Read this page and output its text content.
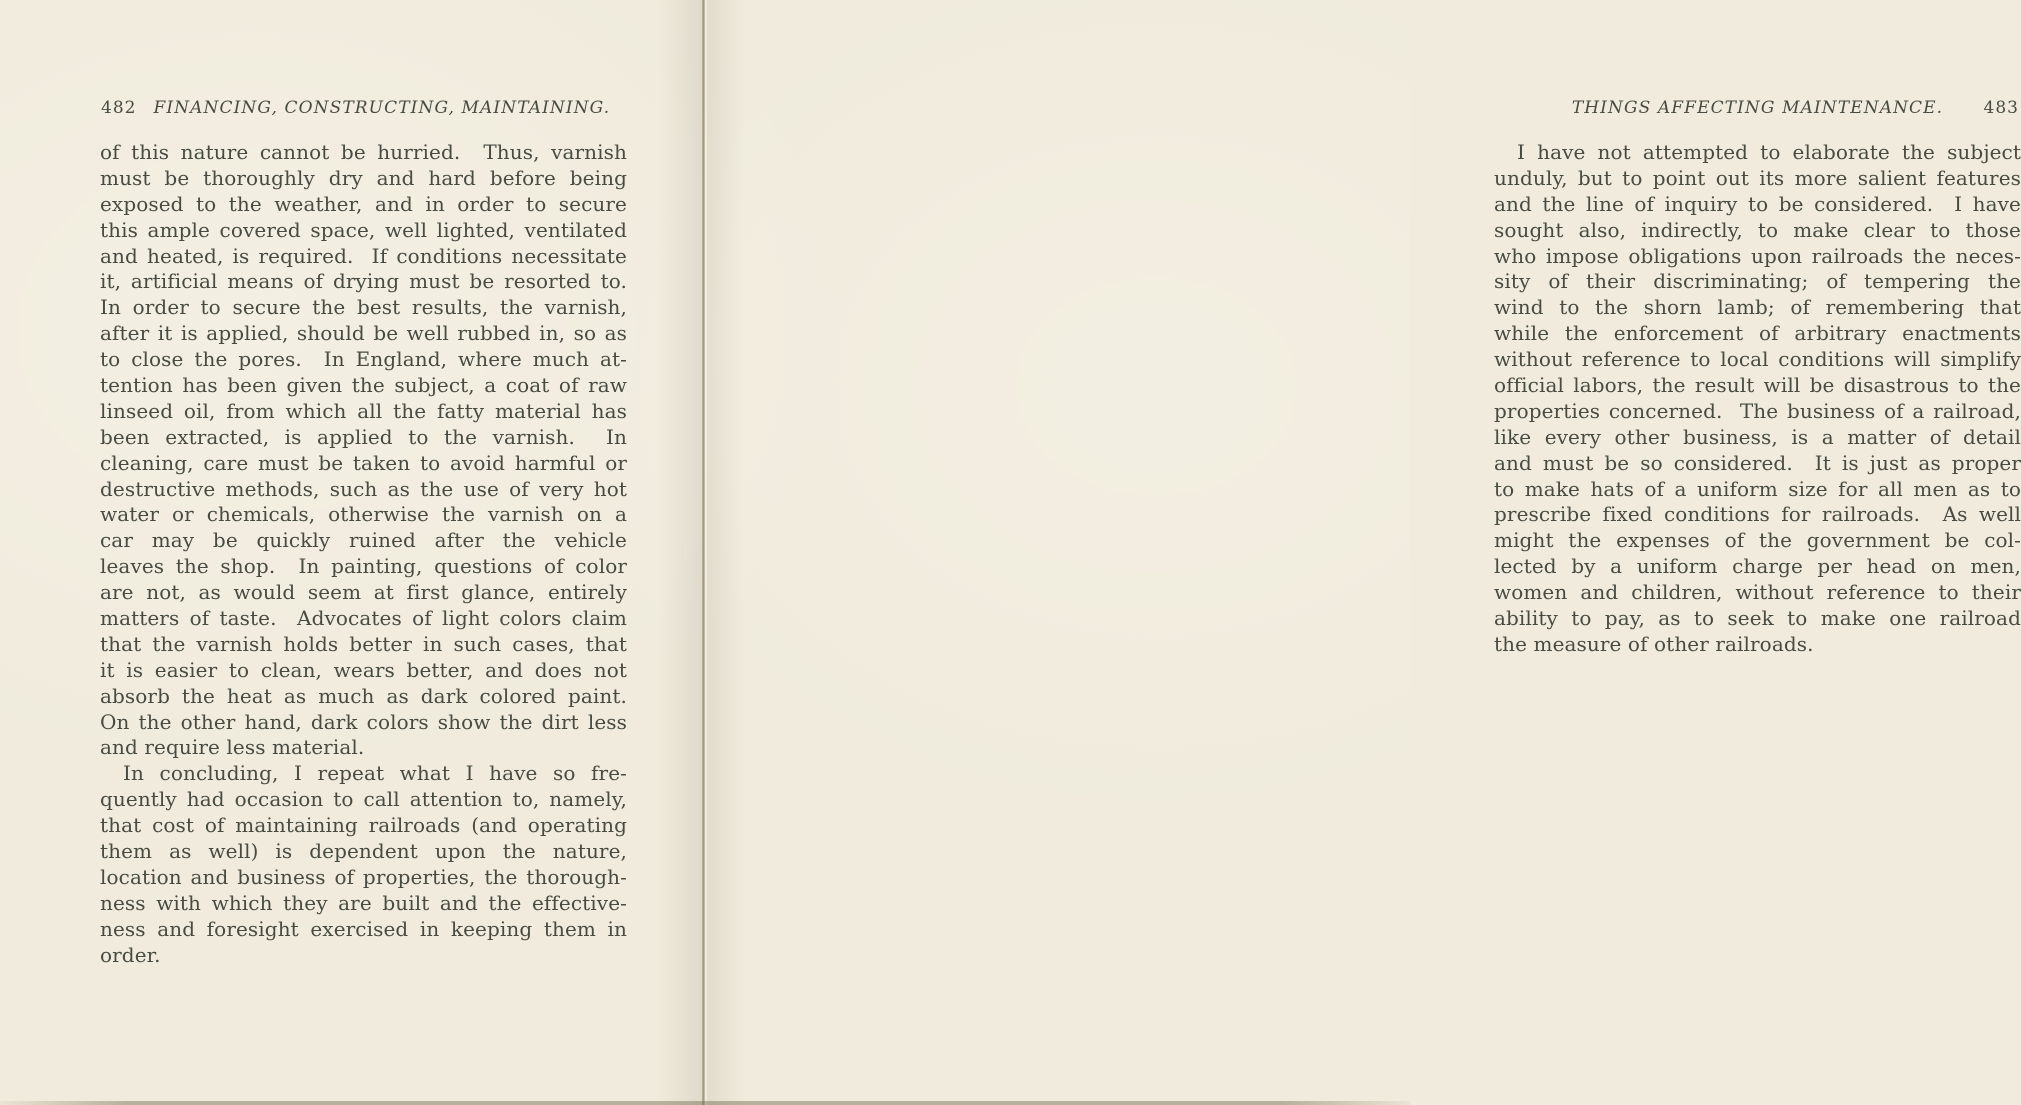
482 FINANCING, CONSTRUCTING, MAINTAINING.
of this nature cannot be hurried.  Thus, varnish
must be thoroughly dry and hard before being
exposed to the weather, and in order to secure
this ample covered space, well lighted, ventilated
and heated, is required.  If conditions necessitate
it, artificial means of drying must be resorted to.
In order to secure the best results, the varnish,
after it is applied, should be well rubbed in, so as
to close the pores.  In England, where much at-
tention has been given the subject, a coat of raw
linseed oil, from which all the fatty material has
been extracted, is applied to the varnish.  In
cleaning, care must be taken to avoid harmful or
destructive methods, such as the use of very hot
water or chemicals, otherwise the varnish on a
car may be quickly ruined after the vehicle
leaves the shop.  In painting, questions of color
are not, as would seem at first glance, entirely
matters of taste.  Advocates of light colors claim
that the varnish holds better in such cases, that
it is easier to clean, wears better, and does not
absorb the heat as much as dark colored paint.
On the other hand, dark colors show the dirt less
and require less material.
In concluding, I repeat what I have so fre-
quently had occasion to call attention to, namely,
that cost of maintaining railroads (and operating
them as well) is dependent upon the nature,
location and business of properties, the thorough-
ness with which they are built and the effective-
ness and foresight exercised in keeping them in
order.
THINGS AFFECTING MAINTENANCE. 483
I have not attempted to elaborate the subject
unduly, but to point out its more salient features
and the line of inquiry to be considered.  I have
sought also, indirectly, to make clear to those
who impose obligations upon railroads the neces-
sity of their discriminating; of tempering the
wind to the shorn lamb; of remembering that
while the enforcement of arbitrary enactments
without reference to local conditions will simplify
official labors, the result will be disastrous to the
properties concerned.  The business of a railroad,
like every other business, is a matter of detail
and must be so considered.  It is just as proper
to make hats of a uniform size for all men as to
prescribe fixed conditions for railroads.  As well
might the expenses of the government be col-
lected by a uniform charge per head on men,
women and children, without reference to their
ability to pay, as to seek to make one railroad
the measure of other railroads.
